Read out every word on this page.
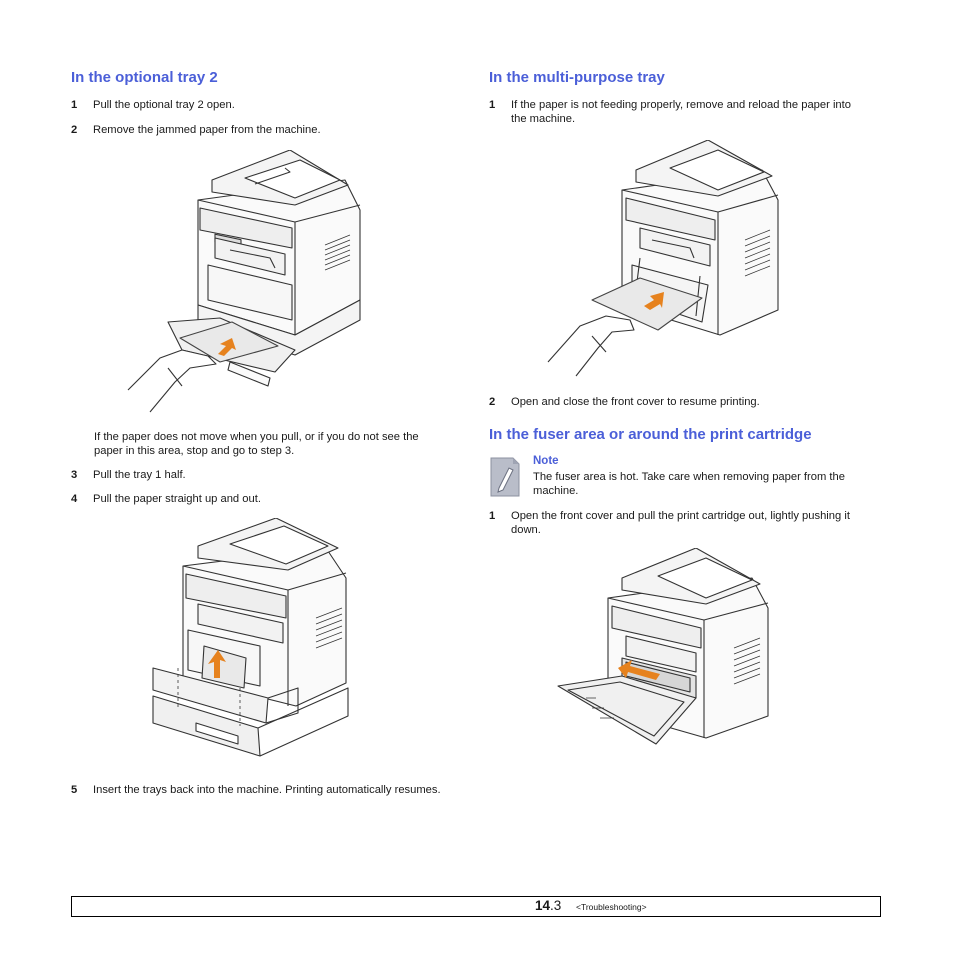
In the optional tray 2
1 Pull the optional tray 2 open.
2 Remove the jammed paper from the machine.
If the paper does not move when you pull, or if you do not see the
paper in this area, stop and go to step 3.
3 Pull the tray 1 half.
4 Pull the paper straight up and out.
5 Insert the trays back into the machine. Printing automatically resumes.
In the multi-purpose tray
1 If the paper is not feeding properly, remove and reload the paper into
the machine.
2 Open and close the front cover to resume printing.
In the fuser area or around the print cartridge
Note
The fuser area is hot. Take care when removing paper from the
machine.
1 Open the front cover and pull the print cartridge out, lightly pushing it
down.
14.3 <Troubleshooting>
